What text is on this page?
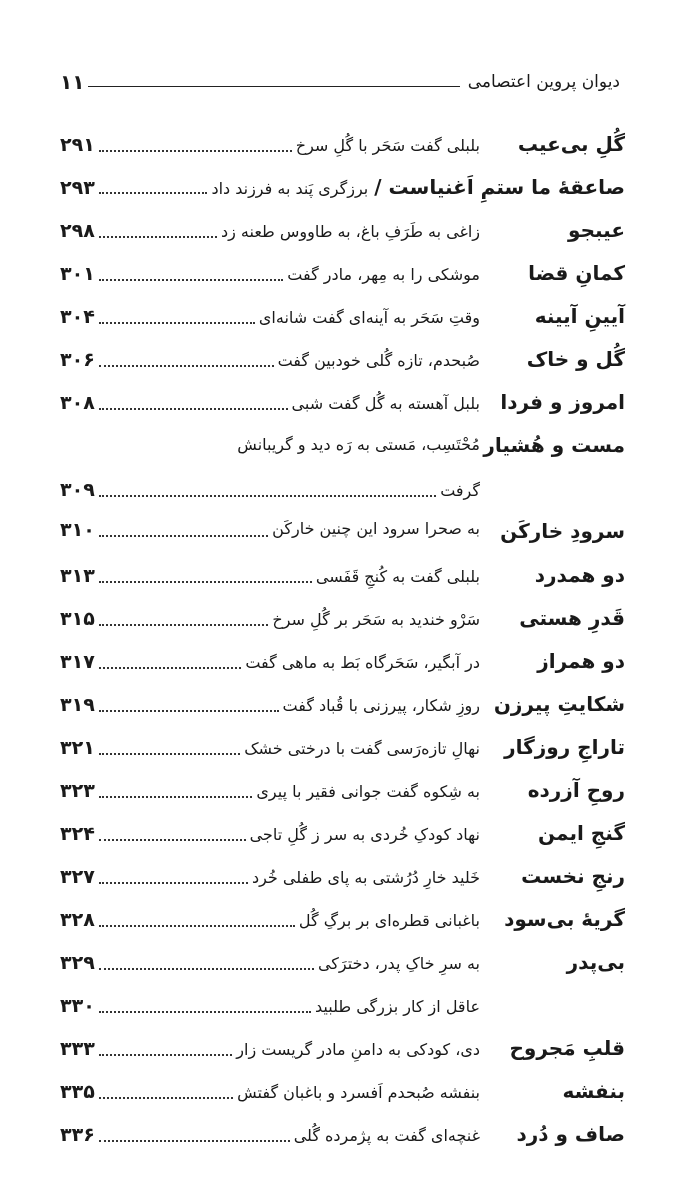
دیوان پروین اعتصامی
۱۱
گُلِ بی‌عیب
بلبلی گفت سَحَر با گُلِ سرخ
۲۹۱
صاعقهٔ ما ستمِ اَغنیاست /
برزگری پَند به فرزند داد
۲۹۳
عیبجو
زاغی به طَرَفِ باغ، به طاووس طعنه زد
۲۹۸
کمانِ قضا
موشکی را به مِهر، مادر گفت
۳۰۱
آیینِ آیینه
وقتِ سَحَر به آینه‌ای گفت شانه‌ای
۳۰۴
گُل و خاک
صُبحدم، تازه گُلی خودبین گفت
۳۰۶
امروز و فردا
بلبل آهسته به گُل گفت شبی
۳۰۸
مست و هُشیار
مُحْتَسِب، مَستی به رَه دید و گریبانش
گرفت
۳۰۹
سرودِ خارکَن
به صحرا سرود این چنین خارکَن
۳۱۰
دو همدرد
بلبلی گفت به کُنجِ قَفَسی
۳۱۳
قَدرِ هستی
سَرْو خندید به سَحَر بر گُلِ سرخ
۳۱۵
دو همراز
در آبگیر، سَحَرگاه بَط به ماهی گفت
۳۱۷
شکایتِ پیرزن
روزِ شکار، پیرزنی با قُباد گفت
۳۱۹
تاراجِ روزگار
نهالِ تازه‌رَسی گفت با درختی خشک
۳۲۱
روحِ آزرده
به شِکوه گفت جوانی فقیر با پیری
۳۲۳
گنجِ ایمن
نهاد کودکِ خُردی به سر ز گُلِ تاجی
۳۲۴
رنجِ نخست
خَلید خارِ دُرُشتی به پای طفلی خُرد
۳۲۷
گریهٔ بی‌سود
باغبانی قطره‌ای بر برگِ گُل
۳۲۸
بی‌پدر
به سرِ خاکِ پدر، دخترَکی
۳۲۹
عاقل از کار بزرگی طلبید
۳۳۰
قلبِ مَجروح
دی، کودکی به دامنِ مادر گریست زار
۳۳۳
بنفشه
بنفشه صُبحدم اَفسرد و باغبان گفتش
۳۳۵
صاف و دُرد
غنچه‌ای گفت به پژمرده گُلی
۳۳۶
